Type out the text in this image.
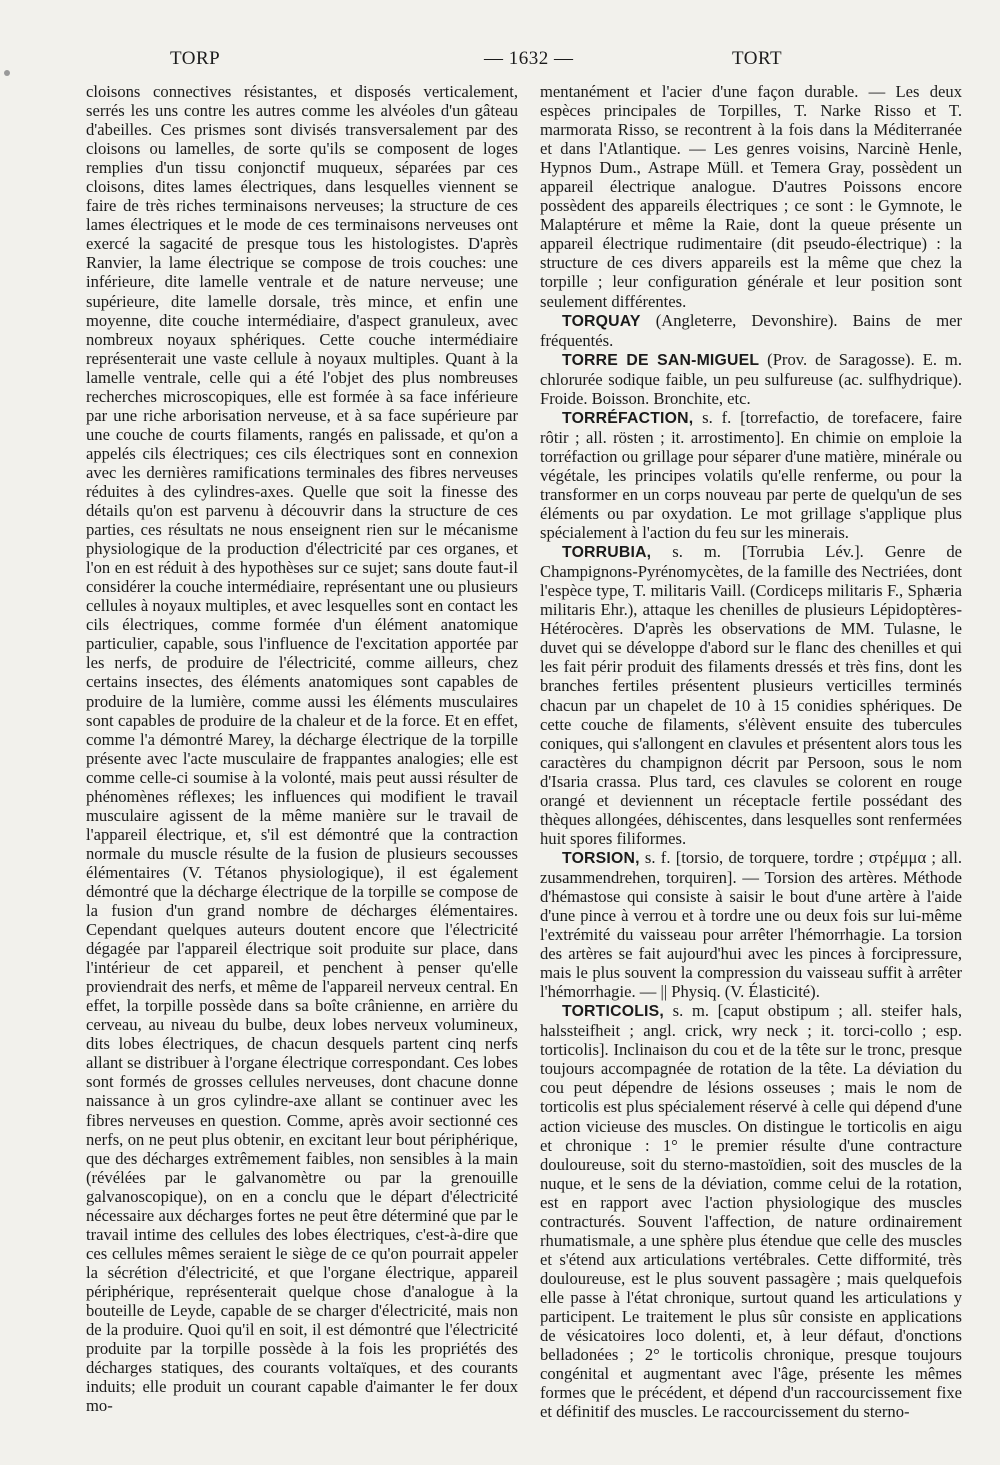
TORP	— 1632 —	TORT

cloisons connectives résistantes, et disposés verticalement, serrés les uns contre les autres comme les alvéoles d'un gâteau d'abeilles. Ces prismes sont divisés transversalement par des cloisons ou lamelles, de sorte qu'ils se composent de loges remplies d'un tissu conjonctif muqueux, séparées par ces cloisons, dites lames électriques, dans lesquelles viennent se faire de très riches terminaisons nerveuses; la structure de ces lames électriques et le mode de ces terminaisons nerveuses ont exercé la sagacité de presque tous les histologistes. D'après Ranvier, la lame électrique se compose de trois couches: une inférieure, dite lamelle ventrale et de nature nerveuse; une supérieure, dite lamelle dorsale, très mince, et enfin une moyenne, dite couche intermédiaire, d'aspect granuleux, avec nombreux noyaux sphériques. Cette couche intermédiaire représenterait une vaste cellule à noyaux multiples. Quant à la lamelle ventrale, celle qui a été l'objet des plus nombreuses recherches microscopiques, elle est formée à sa face inférieure par une riche arborisation nerveuse, et à sa face supérieure par une couche de courts filaments, rangés en palissade, et qu'on a appelés cils électriques; ces cils électriques sont en connexion avec les dernières ramifications terminales des fibres nerveuses réduites à des cylindres-axes. Quelle que soit la finesse des détails qu'on est parvenu à découvrir dans la structure de ces parties, ces résultats ne nous enseignent rien sur le mécanisme physiologique de la production d'électricité par ces organes, et l'on en est réduit à des hypothèses sur ce sujet; sans doute faut-il considérer la couche intermédiaire, représentant une ou plusieurs cellules à noyaux multiples, et avec lesquelles sont en contact les cils électriques, comme formée d'un élément anatomique particulier, capable, sous l'influence de l'excitation apportée par les nerfs, de produire de l'électricité, comme ailleurs, chez certains insectes, des éléments anatomiques sont capables de produire de la lumière, comme aussi les éléments musculaires sont capables de produire de la chaleur et de la force. Et en effet, comme l'a démontré Marey, la décharge électrique de la torpille présente avec l'acte musculaire de frappantes analogies; elle est comme celle-ci soumise à la volonté, mais peut aussi résulter de phénomènes réflexes; les influences qui modifient le travail musculaire agissent de la même manière sur le travail de l'appareil électrique, et, s'il est démontré que la contraction normale du muscle résulte de la fusion de plusieurs secousses élémentaires (V. Tétanos physiologique), il est également démontré que la décharge électrique de la torpille se compose de la fusion d'un grand nombre de décharges élémentaires. Cependant quelques auteurs doutent encore que l'électricité dégagée par l'appareil électrique soit produite sur place, dans l'intérieur de cet appareil, et penchent à penser qu'elle proviendrait des nerfs, et même de l'appareil nerveux central. En effet, la torpille possède dans sa boîte crânienne, en arrière du cerveau, au niveau du bulbe, deux lobes nerveux volumineux, dits lobes électriques, de chacun desquels partent cinq nerfs allant se distribuer à l'organe électrique correspondant. Ces lobes sont formés de grosses cellules nerveuses, dont chacune donne naissance à un gros cylindre-axe allant se continuer avec les fibres nerveuses en question. Comme, après avoir sectionné ces nerfs, on ne peut plus obtenir, en excitant leur bout périphérique, que des décharges extrêmement faibles, non sensibles à la main (révélées par le galvanomètre ou par la grenouille galvanoscopique), on en a conclu que le départ d'électricité nécessaire aux décharges fortes ne peut être déterminé que par le travail intime des cellules des lobes électriques, c'est-à-dire que ces cellules mêmes seraient le siège de ce qu'on pourrait appeler la sécrétion d'électricité, et que l'organe électrique, appareil périphérique, représenterait quelque chose d'analogue à la bouteille de Leyde, capable de se charger d'électricité, mais non de la produire. Quoi qu'il en soit, il est démontré que l'électricité produite par la torpille possède à la fois les propriétés des décharges statiques, des courants voltaïques, et des courants induits; elle produit un courant capable d'aimanter le fer doux mo-

mentanément et l'acier d'une façon durable. — Les deux espèces principales de Torpilles, T. Narke Risso et T. marmorata Risso, se recontrent à la fois dans la Méditerranée et dans l'Atlantique. — Les genres voisins, Narcinè Henle, Hypnos Dum., Astrape Müll. et Temera Gray, possèdent un appareil électrique analogue. D'autres Poissons encore possèdent des appareils électriques ; ce sont : le Gymnote, le Malaptérure et même la Raie, dont la queue présente un appareil électrique rudimentaire (dit pseudo-électrique) : la structure de ces divers appareils est la même que chez la torpille ; leur configuration générale et leur position sont seulement différentes.

TORQUAY (Angleterre, Devonshire). Bains de mer fréquentés.

TORRE DE SAN-MIGUEL (Prov. de Saragosse). E. m. chlorurée sodique faible, un peu sulfureuse (ac. sulfhydrique). Froide. Boisson. Bronchite, etc.

TORRÉFACTION, s. f. [torrefactio, de torefacere, faire rôtir ; all. rösten ; it. arrostimento]. En chimie on emploie la torréfaction ou grillage pour séparer d'une matière, minérale ou végétale, les principes volatils qu'elle renferme, ou pour la transformer en un corps nouveau par perte de quelqu'un de ses éléments ou par oxydation. Le mot grillage s'applique plus spécialement à l'action du feu sur les minerais.

TORRUBIA, s. m. [Torrubia Lév.]. Genre de Champignons-Pyrénomycètes, de la famille des Nectriées, dont l'espèce type, T. militaris Vaill. (Cordiceps militaris F., Sphæria militaris Ehr.), attaque les chenilles de plusieurs Lépidoptères-Hétérocères. D'après les observations de MM. Tulasne, le duvet qui se développe d'abord sur le flanc des chenilles et qui les fait périr produit des filaments dressés et très fins, dont les branches fertiles présentent plusieurs verticilles terminés chacun par un chapelet de 10 à 15 conidies sphériques. De cette couche de filaments, s'élèvent ensuite des tubercules coniques, qui s'allongent en clavules et présentent alors tous les caractères du champignon décrit par Persoon, sous le nom d'Isaria crassa. Plus tard, ces clavules se colorent en rouge orangé et deviennent un réceptacle fertile possédant des thèques allongées, déhiscentes, dans lesquelles sont renfermées huit spores filiformes.

TORSION, s. f. [torsio, de torquere, tordre ; στρέμμα ; all. zusammendrehen, torquiren]. — Torsion des artères. Méthode d'hémastose qui consiste à saisir le bout d'une artère à l'aide d'une pince à verrou et à tordre une ou deux fois sur lui-même l'extrémité du vaisseau pour arrêter l'hémorrhagie. La torsion des artères se fait aujourd'hui avec les pinces à forcipressure, mais le plus souvent la compression du vaisseau suffit à arrêter l'hémorrhagie. — || Physiq. (V. Élasticité).

TORTICOLIS, s. m. [caput obstipum ; all. steifer hals, halssteifheit ; angl. crick, wry neck ; it. torci-collo ; esp. torticolis]. Inclinaison du cou et de la tête sur le tronc, presque toujours accompagnée de rotation de la tête. La déviation du cou peut dépendre de lésions osseuses ; mais le nom de torticolis est plus spécialement réservé à celle qui dépend d'une action vicieuse des muscles. On distingue le torticolis en aigu et chronique : 1° le premier résulte d'une contracture douloureuse, soit du sterno-mastoïdien, soit des muscles de la nuque, et le sens de la déviation, comme celui de la rotation, est en rapport avec l'action physiologique des muscles contracturés. Souvent l'affection, de nature ordinairement rhumatismale, a une sphère plus étendue que celle des muscles et s'étend aux articulations vertébrales. Cette difformité, très douloureuse, est le plus souvent passagère ; mais quelquefois elle passe à l'état chronique, surtout quand les articulations y participent. Le traitement le plus sûr consiste en applications de vésicatoires loco dolenti, et, à leur défaut, d'onctions belladonées ; 2° le torticolis chronique, presque toujours congénital et augmentant avec l'âge, présente les mêmes formes que le précédent, et dépend d'un raccourcissement fixe et définitif des muscles. Le raccourcissement du sterno-
